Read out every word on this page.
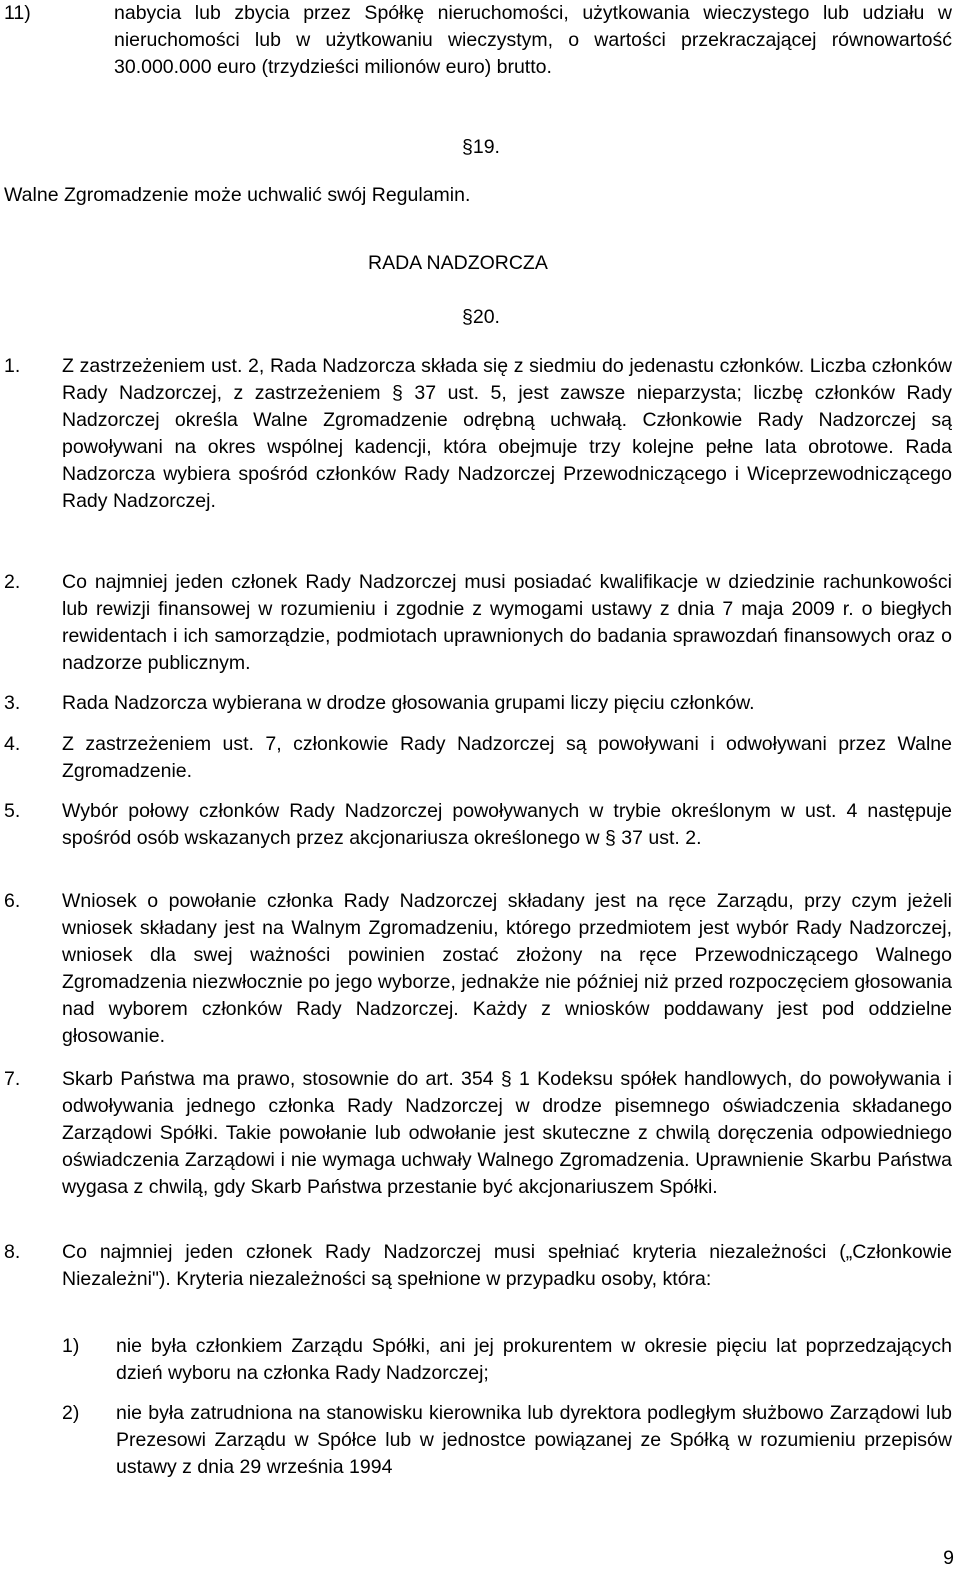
11)	nabycia lub zbycia przez Spółkę nieruchomości, użytkowania wieczystego lub udziału w nieruchomości lub w użytkowaniu wieczystym, o wartości przekraczającej równowartość 30.000.000 euro (trzydzieści milionów euro) brutto.
§19.
Walne Zgromadzenie może uchwalić swój Regulamin.
RADA NADZORCZA
§20.
1.	Z zastrzeżeniem ust. 2, Rada Nadzorcza składa się z siedmiu do jedenastu członków. Liczba członków Rady Nadzorczej, z zastrzeżeniem § 37 ust. 5, jest zawsze nieparzysta; liczbę członków Rady Nadzorczej określa Walne Zgromadzenie odrębną uchwałą. Członkowie Rady Nadzorczej są powoływani na okres wspólnej kadencji, która obejmuje trzy kolejne pełne lata obrotowe. Rada Nadzorcza wybiera spośród członków Rady Nadzorczej Przewodniczącego i Wiceprzewodniczącego Rady Nadzorczej.
2.	Co najmniej jeden członek Rady Nadzorczej musi posiadać kwalifikacje w dziedzinie rachunkowości lub rewizji finansowej w rozumieniu i zgodnie z wymogami ustawy z dnia 7 maja 2009 r. o biegłych rewidentach i ich samorządzie, podmiotach uprawnionych do badania sprawozdań finansowych oraz o nadzorze publicznym.
3.	Rada Nadzorcza wybierana w drodze głosowania grupami liczy pięciu członków.
4.	Z zastrzeżeniem ust. 7, członkowie Rady Nadzorczej są powoływani i odwoływani przez Walne Zgromadzenie.
5.	Wybór połowy członków Rady Nadzorczej powoływanych w trybie określonym w ust. 4 następuje spośród osób wskazanych przez akcjonariusza określonego w § 37 ust. 2.
6.	Wniosek o powołanie członka Rady Nadzorczej składany jest na ręce Zarządu, przy czym jeżeli wniosek składany jest na Walnym Zgromadzeniu, którego przedmiotem jest wybór Rady Nadzorczej, wniosek dla swej ważności powinien zostać złożony na ręce Przewodniczącego Walnego Zgromadzenia niezwłocznie po jego wyborze, jednakże nie później niż przed rozpoczęciem głosowania nad wyborem członków Rady Nadzorczej. Każdy z wniosków poddawany jest pod oddzielne głosowanie.
7.	Skarb Państwa ma prawo, stosownie do art. 354 § 1 Kodeksu spółek handlowych, do powoływania i odwoływania jednego członka Rady Nadzorczej w drodze pisemnego oświadczenia składanego Zarządowi Spółki. Takie powołanie lub odwołanie jest skuteczne z chwilą doręczenia odpowiedniego oświadczenia Zarządowi i nie wymaga uchwały Walnego Zgromadzenia. Uprawnienie Skarbu Państwa wygasa z chwilą, gdy Skarb Państwa przestanie być akcjonariuszem Spółki.
8.	Co najmniej jeden członek Rady Nadzorczej musi spełniać kryteria niezależności („Członkowie Niezależni"). Kryteria niezależności są spełnione w przypadku osoby, która:
1)	nie była członkiem Zarządu Spółki, ani jej prokurentem w okresie pięciu lat poprzedzających dzień wyboru na członka Rady Nadzorczej;
2)	nie była zatrudniona na stanowisku kierownika lub dyrektora podległym służbowo Zarządowi lub Prezesowi Zarządu w Spółce lub w jednostce powiązanej ze Spółką w rozumieniu przepisów ustawy z dnia 29 września 1994
9
